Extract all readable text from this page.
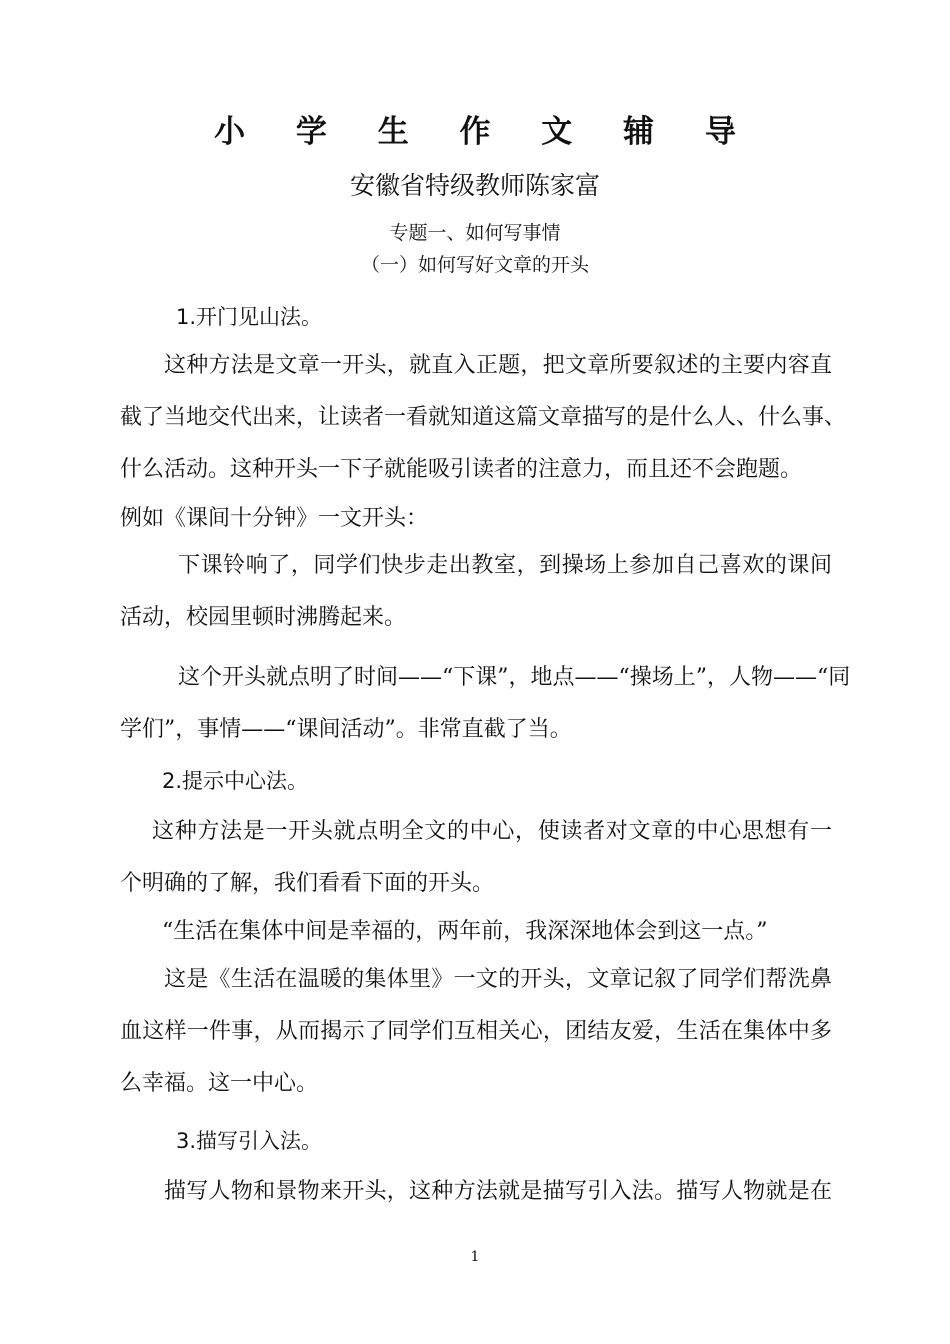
小 学 生 作 文 辅 导
安徽省特级教师陈家富
专题一、如何写事情
（一）如何写好文章的开头
1.开门见山法。
这种方法是文章一开头，就直入正题，把文章所要叙述的主要内容直
截了当地交代出来，让读者一看就知道这篇文章描写的是什么人、什么事、
什么活动。这种开头一下子就能吸引读者的注意力，而且还不会跑题。
例如《课间十分钟》一文开头：
下课铃响了，同学们快步走出教室，到操场上参加自己喜欢的课间
活动，校园里顿时沸腾起来。
这个开头就点明了时间——“下课”，地点——“操场上”，人物——“同
学们”，事情——“课间活动”。非常直截了当。
2.提示中心法。
这种方法是一开头就点明全文的中心，使读者对文章的中心思想有一
个明确的了解，我们看看下面的开头。
“生活在集体中间是幸福的，两年前，我深深地体会到这一点。”
这是《生活在温暖的集体里》一文的开头，文章记叙了同学们帮洗鼻
血这样一件事，从而揭示了同学们互相关心，团结友爱，生活在集体中多
么幸福。这一中心。
3.描写引入法。
描写人物和景物来开头，这种方法就是描写引入法。描写人物就是在
1
